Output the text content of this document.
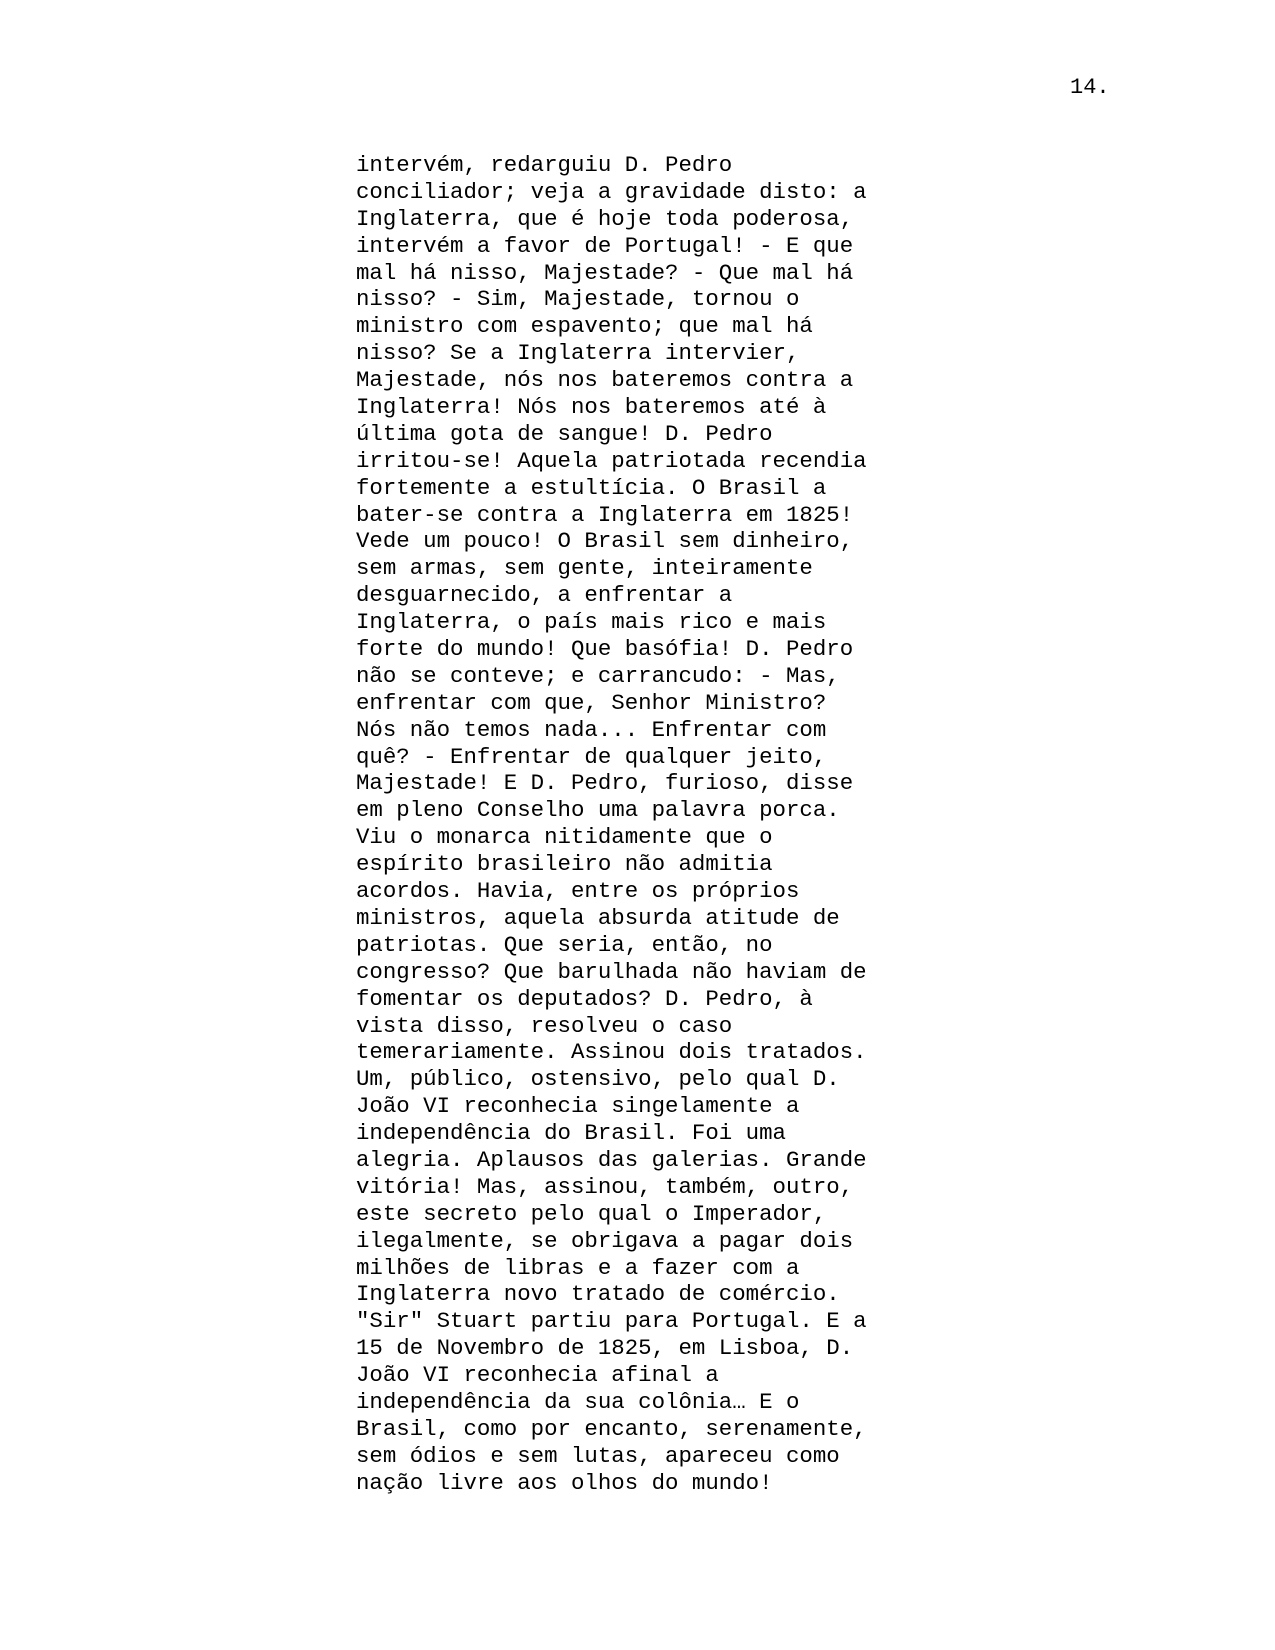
14.
intervém, redarguiu D. Pedro
conciliador; veja a gravidade disto: a
Inglaterra, que é hoje toda poderosa,
intervém a favor de Portugal! - E que
mal há nisso, Majestade? - Que mal há
nisso? - Sim, Majestade, tornou o
ministro com espavento; que mal há
nisso? Se a Inglaterra intervier,
Majestade, nós nos bateremos contra a
Inglaterra! Nós nos bateremos até à
última gota de sangue! D. Pedro
irritou-se! Aquela patriotada recendia
fortemente a estultícia. O Brasil a
bater-se contra a Inglaterra em 1825!
Vede um pouco! O Brasil sem dinheiro,
sem armas, sem gente, inteiramente
desguarnecido, a enfrentar a
Inglaterra, o país mais rico e mais
forte do mundo! Que basófia! D. Pedro
não se conteve; e carrancudo: - Mas,
enfrentar com que, Senhor Ministro?
Nós não temos nada... Enfrentar com
quê? - Enfrentar de qualquer jeito,
Majestade! E D. Pedro, furioso, disse
em pleno Conselho uma palavra porca.
Viu o monarca nitidamente que o
espírito brasileiro não admitia
acordos. Havia, entre os próprios
ministros, aquela absurda atitude de
patriotas. Que seria, então, no
congresso? Que barulhada não haviam de
fomentar os deputados? D. Pedro, à
vista disso, resolveu o caso
temerariamente. Assinou dois tratados.
Um, público, ostensivo, pelo qual D.
João VI reconhecia singelamente a
independência do Brasil. Foi uma
alegria. Aplausos das galerias. Grande
vitória! Mas, assinou, também, outro,
este secreto pelo qual o Imperador,
ilegalmente, se obrigava a pagar dois
milhões de libras e a fazer com a
Inglaterra novo tratado de comércio.
"Sir" Stuart partiu para Portugal. E a
15 de Novembro de 1825, em Lisboa, D.
João VI reconhecia afinal a
independência da sua colônia… E o
Brasil, como por encanto, serenamente,
sem ódios e sem lutas, apareceu como
nação livre aos olhos do mundo!
